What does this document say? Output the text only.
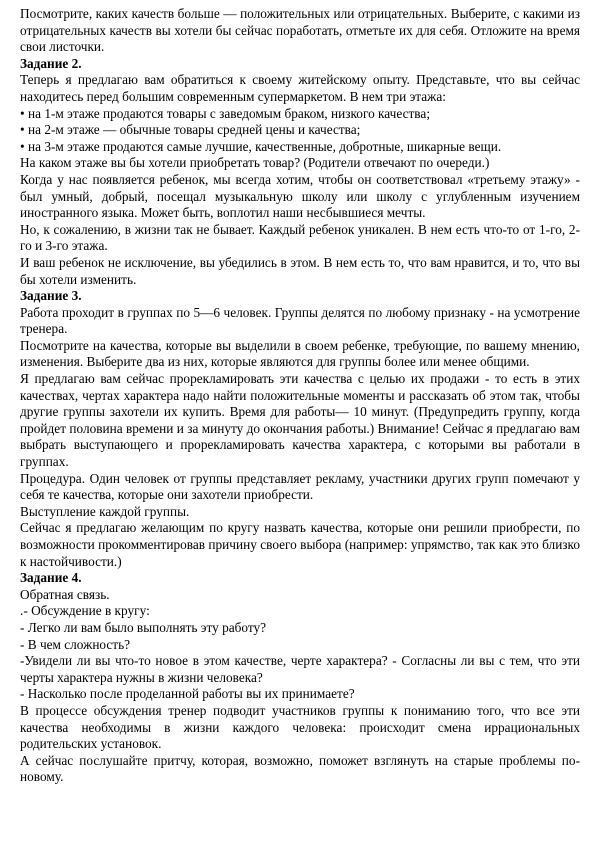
Посмотрите, каких качеств больше — положительных или отрицательных. Выберите, с какими из отрицательных качеств вы хотели бы сейчас поработать, отметьте их для себя. Отложите на время свои листочки.

Задание 2.

Теперь я предлагаю вам обратиться к своему житейскому опыту. Представьте, что вы сейчас находитесь перед большим современным супермаркетом. В нем три этажа:

• на 1-м этаже продаются товары с заведомым браком, низкого качества;

• на 2-м этаже — обычные товары средней цены и качества;

• на 3-м этаже продаются самые лучшие, качественные, добротные, шикарные вещи.

На каком этаже вы бы хотели приобретать товар? (Родители отвечают по очереди.)

Когда у нас появляется ребенок, мы всегда хотим, чтобы он соответствовал «третьему этажу» - был умный, добрый, посещал музыкальную школу или школу с углубленным изучением иностранного языка. Может быть, воплотил наши несбывшиеся мечты.

Но, к сожалению, в жизни так не бывает. Каждый ребенок уникален. В нем есть что-то от 1-го, 2-го и 3-го этажа.

И ваш ребенок не исключение, вы убедились в этом. В нем есть то, что вам нравится, и то, что вы бы хотели изменить.

Задание 3.

Работа проходит в группах по 5—6 человек. Группы делятся по любому признаку - на усмотрение тренера.

Посмотрите на качества, которые вы выделили в своем ребенке, требующие, по вашему мнению, изменения. Выберите два из них, которые являются для группы более или менее общими.

Я предлагаю вам сейчас прорекламировать эти качества с целью их продажи - то есть в этих качествах, чертах характера надо найти положительные моменты и рассказать об этом так, чтобы другие группы захотели их купить. Время для работы— 10 минут. (Предупредить группу, когда пройдет половина времени и за минуту до окончания работы.) Внимание! Сейчас я предлагаю вам выбрать выступающего и прорекламировать качества характера, с которыми вы работали в группах.

Процедура. Один человек от группы представляет рекламу, участники других групп помечают у себя те качества, которые они захотели приобрести.

Выступление каждой группы.

Сейчас я предлагаю желающим по кругу назвать качества, которые они решили приобрести, по возможности прокомментировав причину своего выбора (например: упрямство, так как это близко к настойчивости.)

Задание 4.

Обратная связь.

.- Обсуждение в кругу:

- Легко ли вам было выполнять эту работу?

- В чем сложность?

-Увидели ли вы что-то новое в этом качестве, черте характера? - Согласны ли вы с тем, что эти черты характера нужны в жизни человека?

- Насколько после проделанной работы вы их принимаете?

В процессе обсуждения тренер подводит участников группы к пониманию того, что все эти качества необходимы в жизни каждого человека: происходит смена иррациональных родительских установок.

А сейчас послушайте притчу, которая, возможно, поможет взглянуть на старые проблемы по-новому.
